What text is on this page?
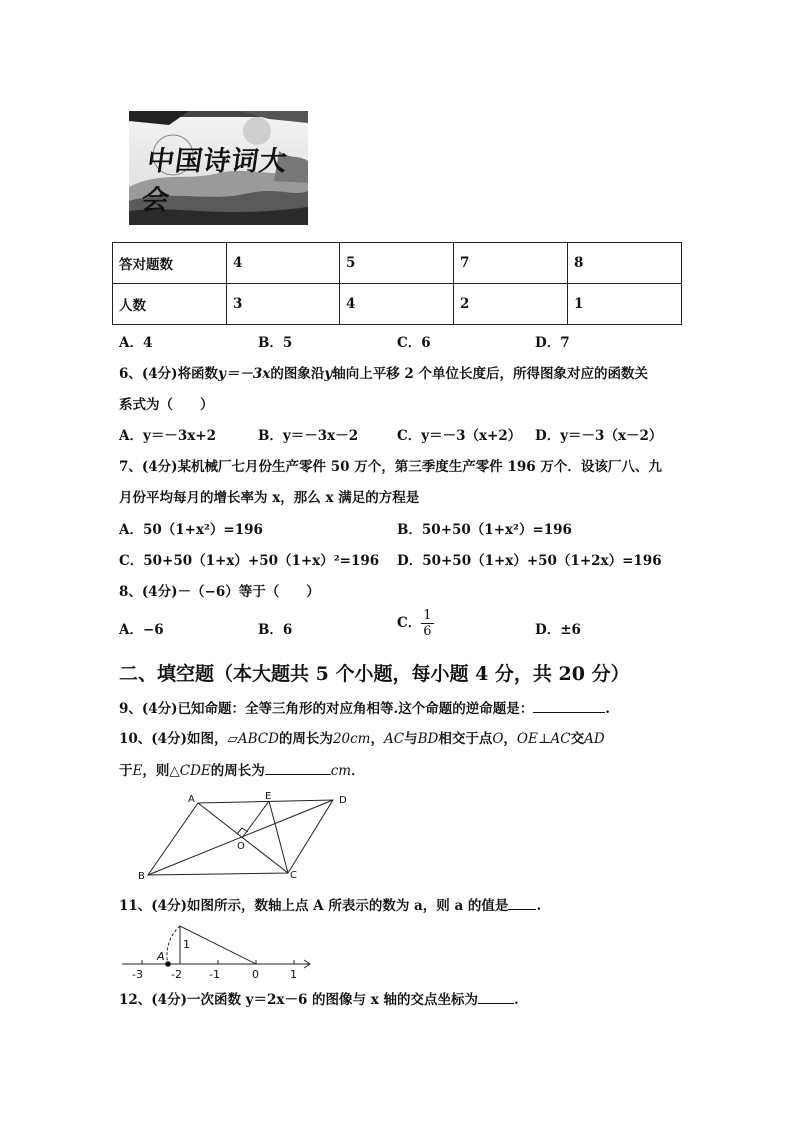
中国诗词大会
答对题数	4	5	7	8
人数	3	4	2	1
A．4	B．5	C．6	D．7
6、(4分)将函数y＝－3x的图象沿y轴向上平移 2 个单位长度后，所得图象对应的函数关
系式为（　　）
A．y＝－3x+2	B．y＝－3x－2	C．y＝－3（x+2） D．y＝－3（x－2）
7、(4分)某机械厂七月份生产零件 50 万个，第三季度生产零件 196 万个．设该厂八、九
月份平均每月的增长率为 x，那么 x 满足的方程是
A．50（1+x²）=196	B．50+50（1+x²）=196
C．50+50（1+x）+50（1+x）²=196 D．50+50（1+x）+50（1+2x）=196
8、(4分)－（−6）等于（　　）
A．−6	B．6	C． $\frac{1}{6}$	D．±6
二、填空题（本大题共 5 个小题，每小题 4 分，共 20 分）
9、(4分)已知命题：全等三角形的对应角相等.这个命题的逆命题是：	.
10、(4分)如图，▱ABCD的周长为20cm，AC与BD相交于点O，OE⊥AC交AD
于E，则△CDE的周长为	cm．
A	E	D
O
B	C
11、(4分)如图所示，数轴上点 A 所表示的数为 a，则 a 的值是 .
-3	-2 -1	0	1
A
1
12、(4分)一次函数 y＝2x－6 的图像与 x 轴的交点坐标为	.
